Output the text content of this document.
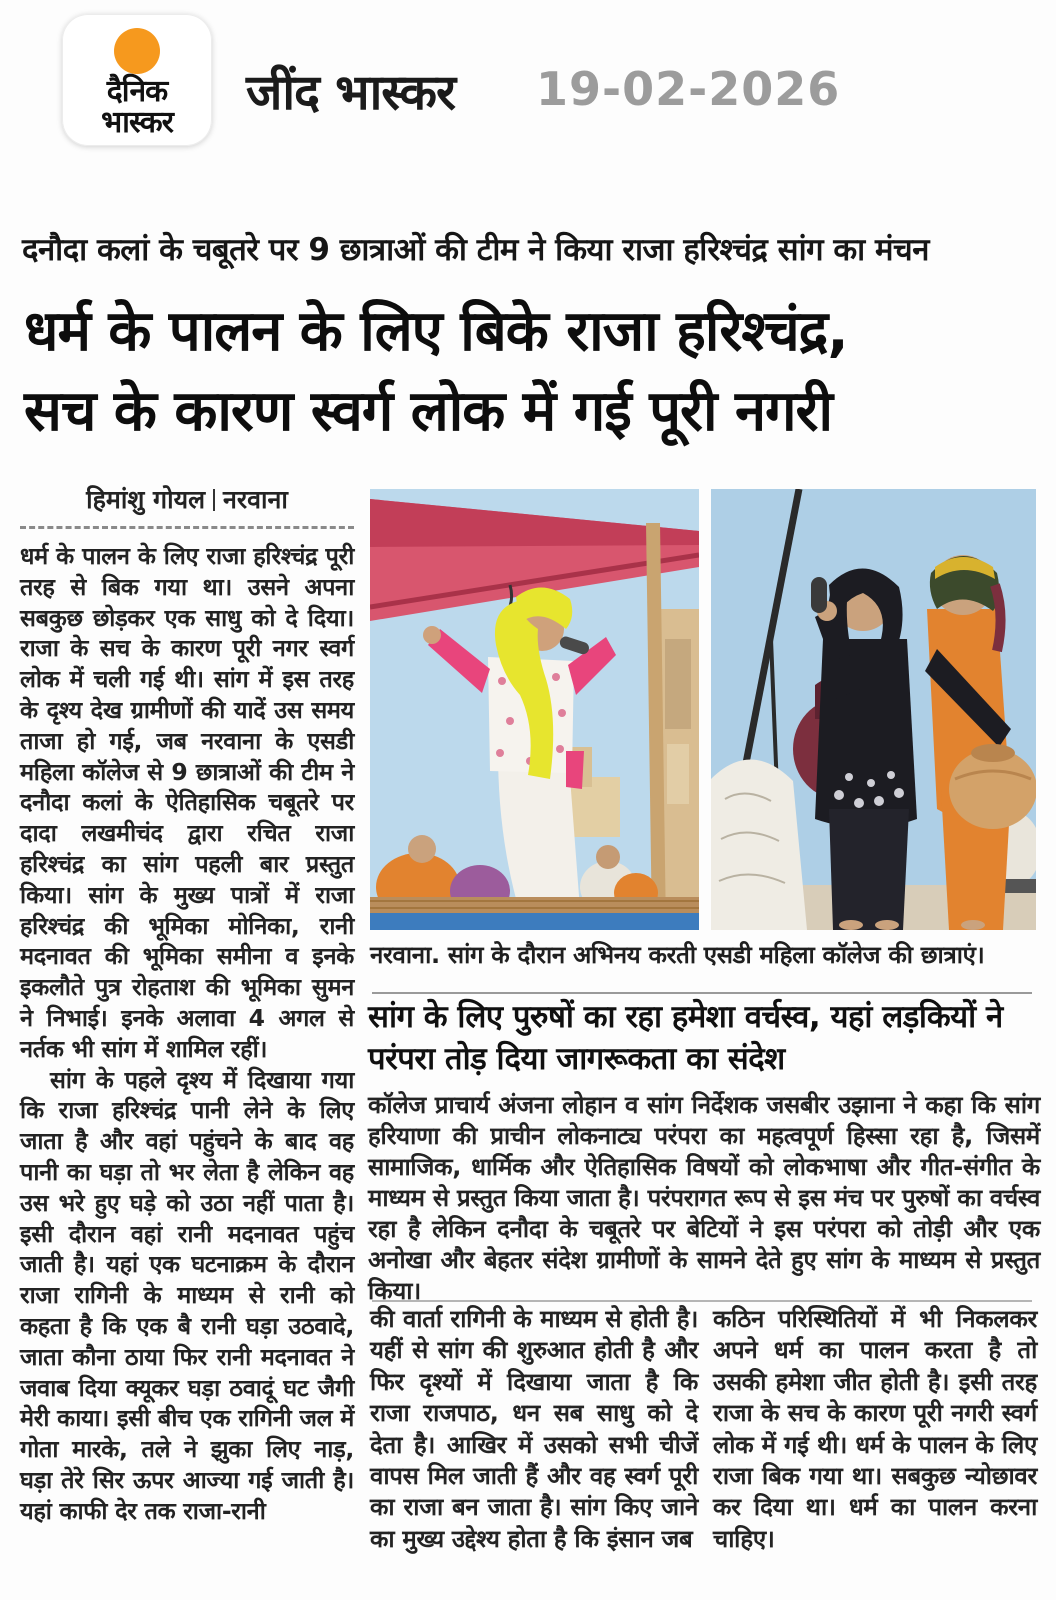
दैनिक
भास्कर
जींद भास्कर 19-02-2026
दनौदा कलां के चबूतरे पर 9 छात्राओं की टीम ने किया राजा हरिश्चंद्र सांग का मंचन
धर्म के पालन के लिए बिके राजा हरिश्चंद्र,
सच के कारण स्वर्ग लोक में गई पूरी नगरी
हिमांशु गोयल नरवाना

धर्म के पालन के लिए राजा हरिश्चंद्र पूरी तरह से बिक गया था। उसने अपना सबकुछ छोड़कर एक साधु को दे दिया। राजा के सच के कारण पूरी नगर स्वर्ग लोक में चली गई थी। सांग में इस तरह के दृश्य देख ग्रामीणों की यादें उस समय ताजा हो गई, जब नरवाना के एसडी महिला कॉलेज से 9 छात्राओं की टीम ने दनौदा कलां के ऐतिहासिक चबूतरे पर दादा लखमीचंद द्वारा रचित राजा हरिश्चंद्र का सांग पहली बार प्रस्तुत किया। सांग के मुख्य पात्रों में राजा हरिश्चंद्र की भूमिका मोनिका, रानी मदनावत की भूमिका समीना व इनके इकलौते पुत्र रोहताश की भूमिका सुमन ने निभाई। इनके अलावा 4 अगल से नर्तक भी सांग में शामिल रहीं।

सांग के पहले दृश्य में दिखाया गया कि राजा हरिश्चंद्र पानी लेने के लिए जाता है और वहां पहुंचने के बाद वह पानी का घड़ा तो भर लेता है लेकिन वह उस भरे हुए घड़े को उठा नहीं पाता है। इसी दौरान वहां रानी मदनावत पहुंच जाती है। यहां एक घटनाक्रम के दौरान राजा रागिनी के माध्यम से रानी को कहता है कि एक बै रानी घड़ा उठवादे, जाता कौना ठाया फिर रानी मदनावत ने जवाब दिया क्यूकर घड़ा ठवादूं घट जैगी मेरी काया। इसी बीच एक रागिनी जल में गोता मारके, तले ने झुका लिए नाड़, घड़ा तेरे सिर ऊपर आज्या गई जाती है। यहां काफी देर तक राजा-रानी

नरवाना. सांग के दौरान अभिनय करती एसडी महिला कॉलेज की छात्राएं।
सांग के लिए पुरुषों का रहा हमेशा वर्चस्व, यहां लड़कियों ने
परंपरा तोड़ दिया जागरूकता का संदेश
कॉलेज प्राचार्य अंजना लोहान व सांग निर्देशक जसबीर उझाना ने कहा कि सांग हरियाणा की प्राचीन लोकनाट्य परंपरा का महत्वपूर्ण हिस्सा रहा है, जिसमें सामाजिक, धार्मिक और ऐतिहासिक विषयों को लोकभाषा और गीत-संगीत के माध्यम से प्रस्तुत किया जाता है। परंपरागत रूप से इस मंच पर पुरुषों का वर्चस्व रहा है लेकिन दनौदा के चबूतरे पर बेटियों ने इस परंपरा को तोड़ी और एक अनोखा और बेहतर संदेश ग्रामीणों के सामने देते हुए सांग के माध्यम से प्रस्तुत किया।
की वार्ता रागिनी के माध्यम से होती है। यहीं से सांग की शुरुआत होती है और फिर दृश्यों में दिखाया जाता है कि राजा राजपाठ, धन सब साधु को दे देता है। आखिर में उसको सभी चीजें वापस मिल जाती हैं और वह स्वर्ग पूरी का राजा बन जाता है। सांग किए जाने का मुख्य उद्देश्य होता है कि इंसान जब
कठिन परिस्थितियों में भी निकलकर अपने धर्म का पालन करता है तो उसकी हमेशा जीत होती है। इसी तरह राजा के सच के कारण पूरी नगरी स्वर्ग लोक में गई थी। धर्म के पालन के लिए राजा बिक गया था। सबकुछ न्योछावर कर दिया था। धर्म का पालन करना चाहिए।
